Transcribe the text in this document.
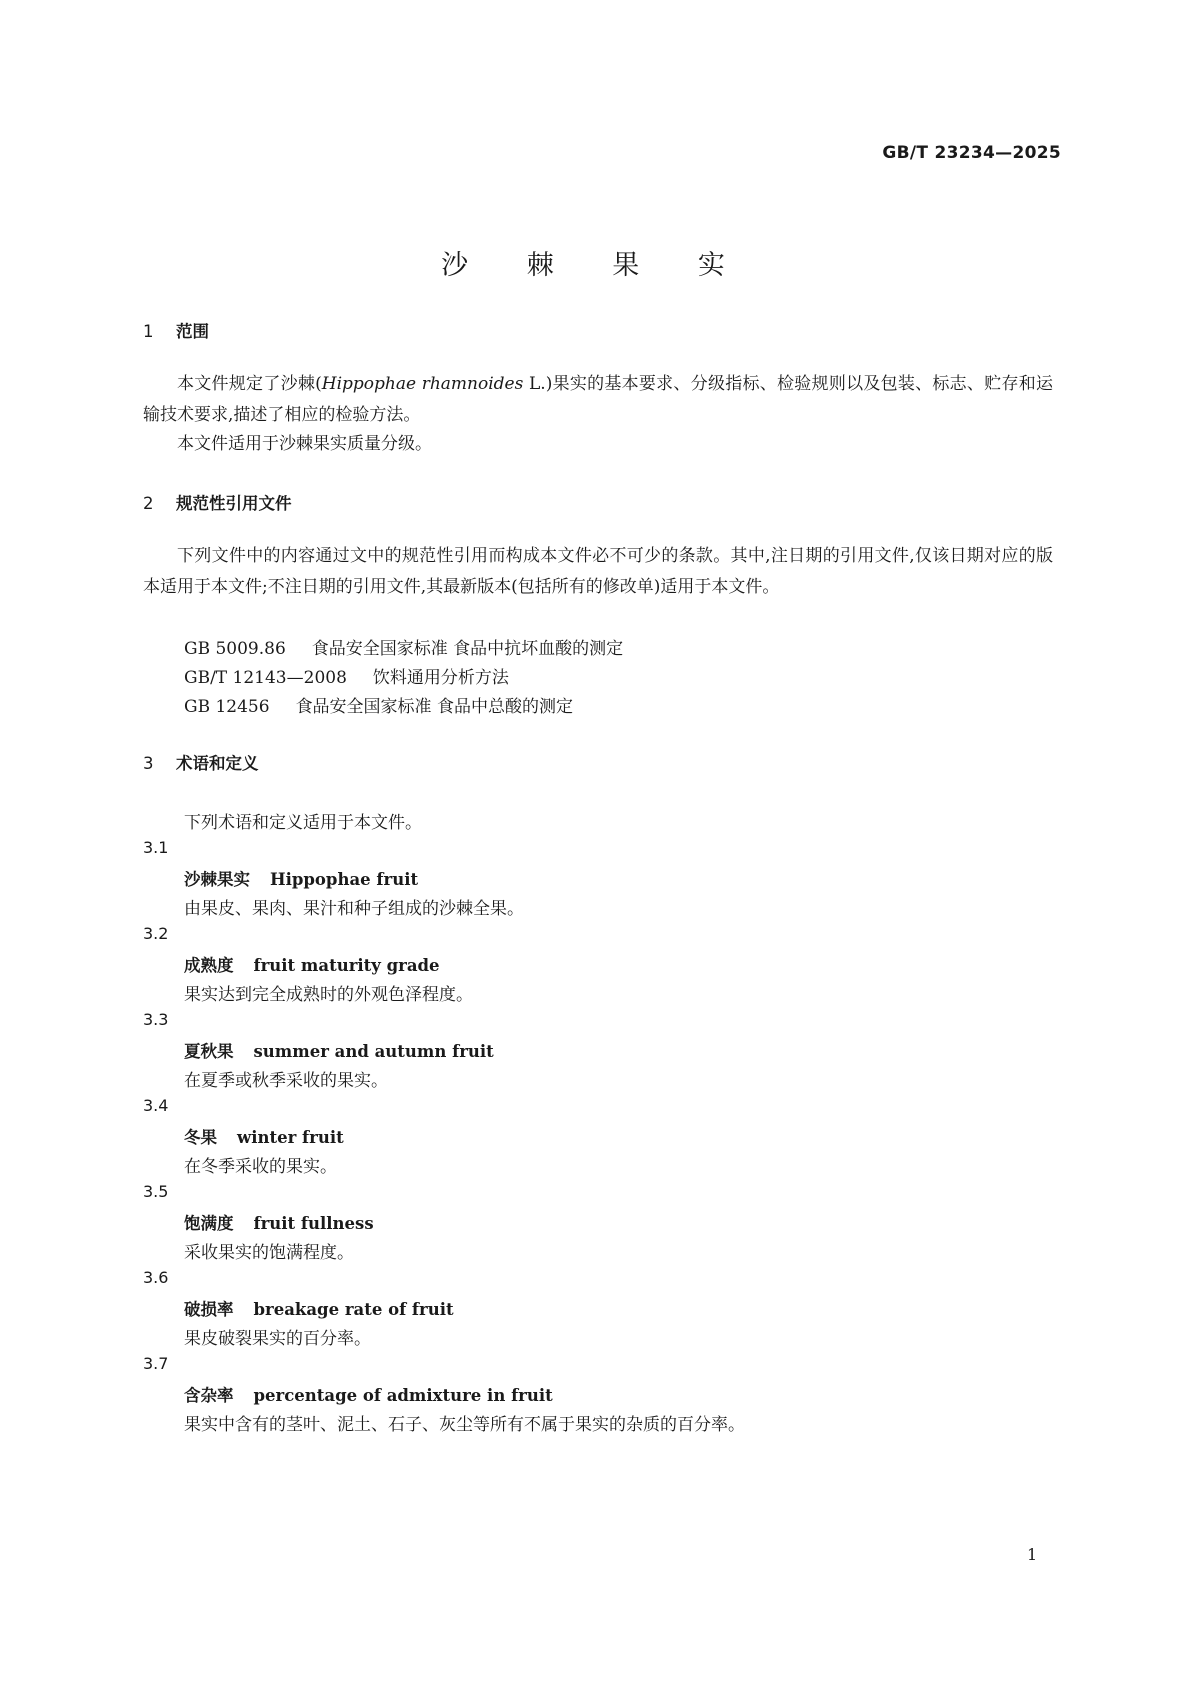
GB/T 23234—2025
沙 棘 果 实
1 范围

本文件规定了沙棘(Hippophae rhamnoides L.)果实的基本要求、分级指标、检验规则以及包装、标志、贮存和运输技术要求,描述了相应的检验方法。

本文件适用于沙棘果实质量分级。

2 规范性引用文件

下列文件中的内容通过文中的规范性引用而构成本文件必不可少的条款。其中,注日期的引用文件,仅该日期对应的版本适用于本文件;不注日期的引用文件,其最新版本(包括所有的修改单)适用于本文件。

GB 5009.86 食品安全国家标准 食品中抗坏血酸的测定
GB/T 12143—2008 饮料通用分析方法
GB 12456 食品安全国家标准 食品中总酸的测定
3 术语和定义
下列术语和定义适用于本文件。
3.1
沙棘果实 Hippophae fruit
由果皮、果肉、果汁和种子组成的沙棘全果。
3.2
成熟度 fruit maturity grade
果实达到完全成熟时的外观色泽程度。
3.3
夏秋果 summer and autumn fruit
在夏季或秋季采收的果实。
3.4
冬果 winter fruit
在冬季采收的果实。
3.5
饱满度 fruit fullness
采收果实的饱满程度。
3.6
破损率 breakage rate of fruit
果皮破裂果实的百分率。
3.7
含杂率 percentage of admixture in fruit
果实中含有的茎叶、泥土、石子、灰尘等所有不属于果实的杂质的百分率。
1
